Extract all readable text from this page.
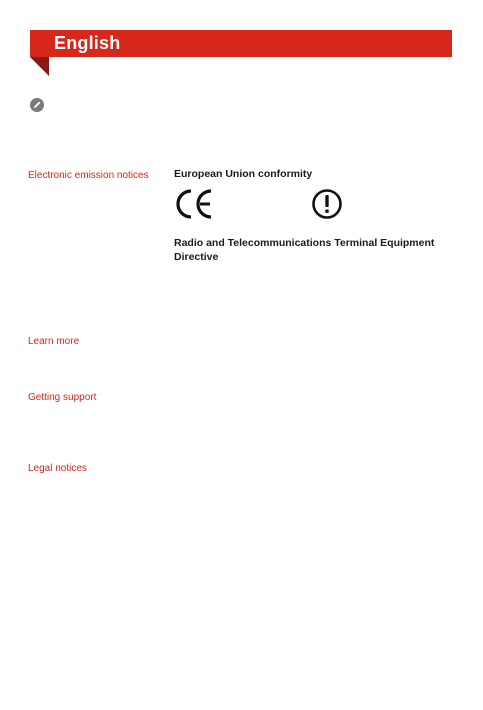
English
Electronic emission notices
Learn more
Getting support
Legal notices
European Union conformity
Radio and Telecommunications Terminal Equipment Directive
